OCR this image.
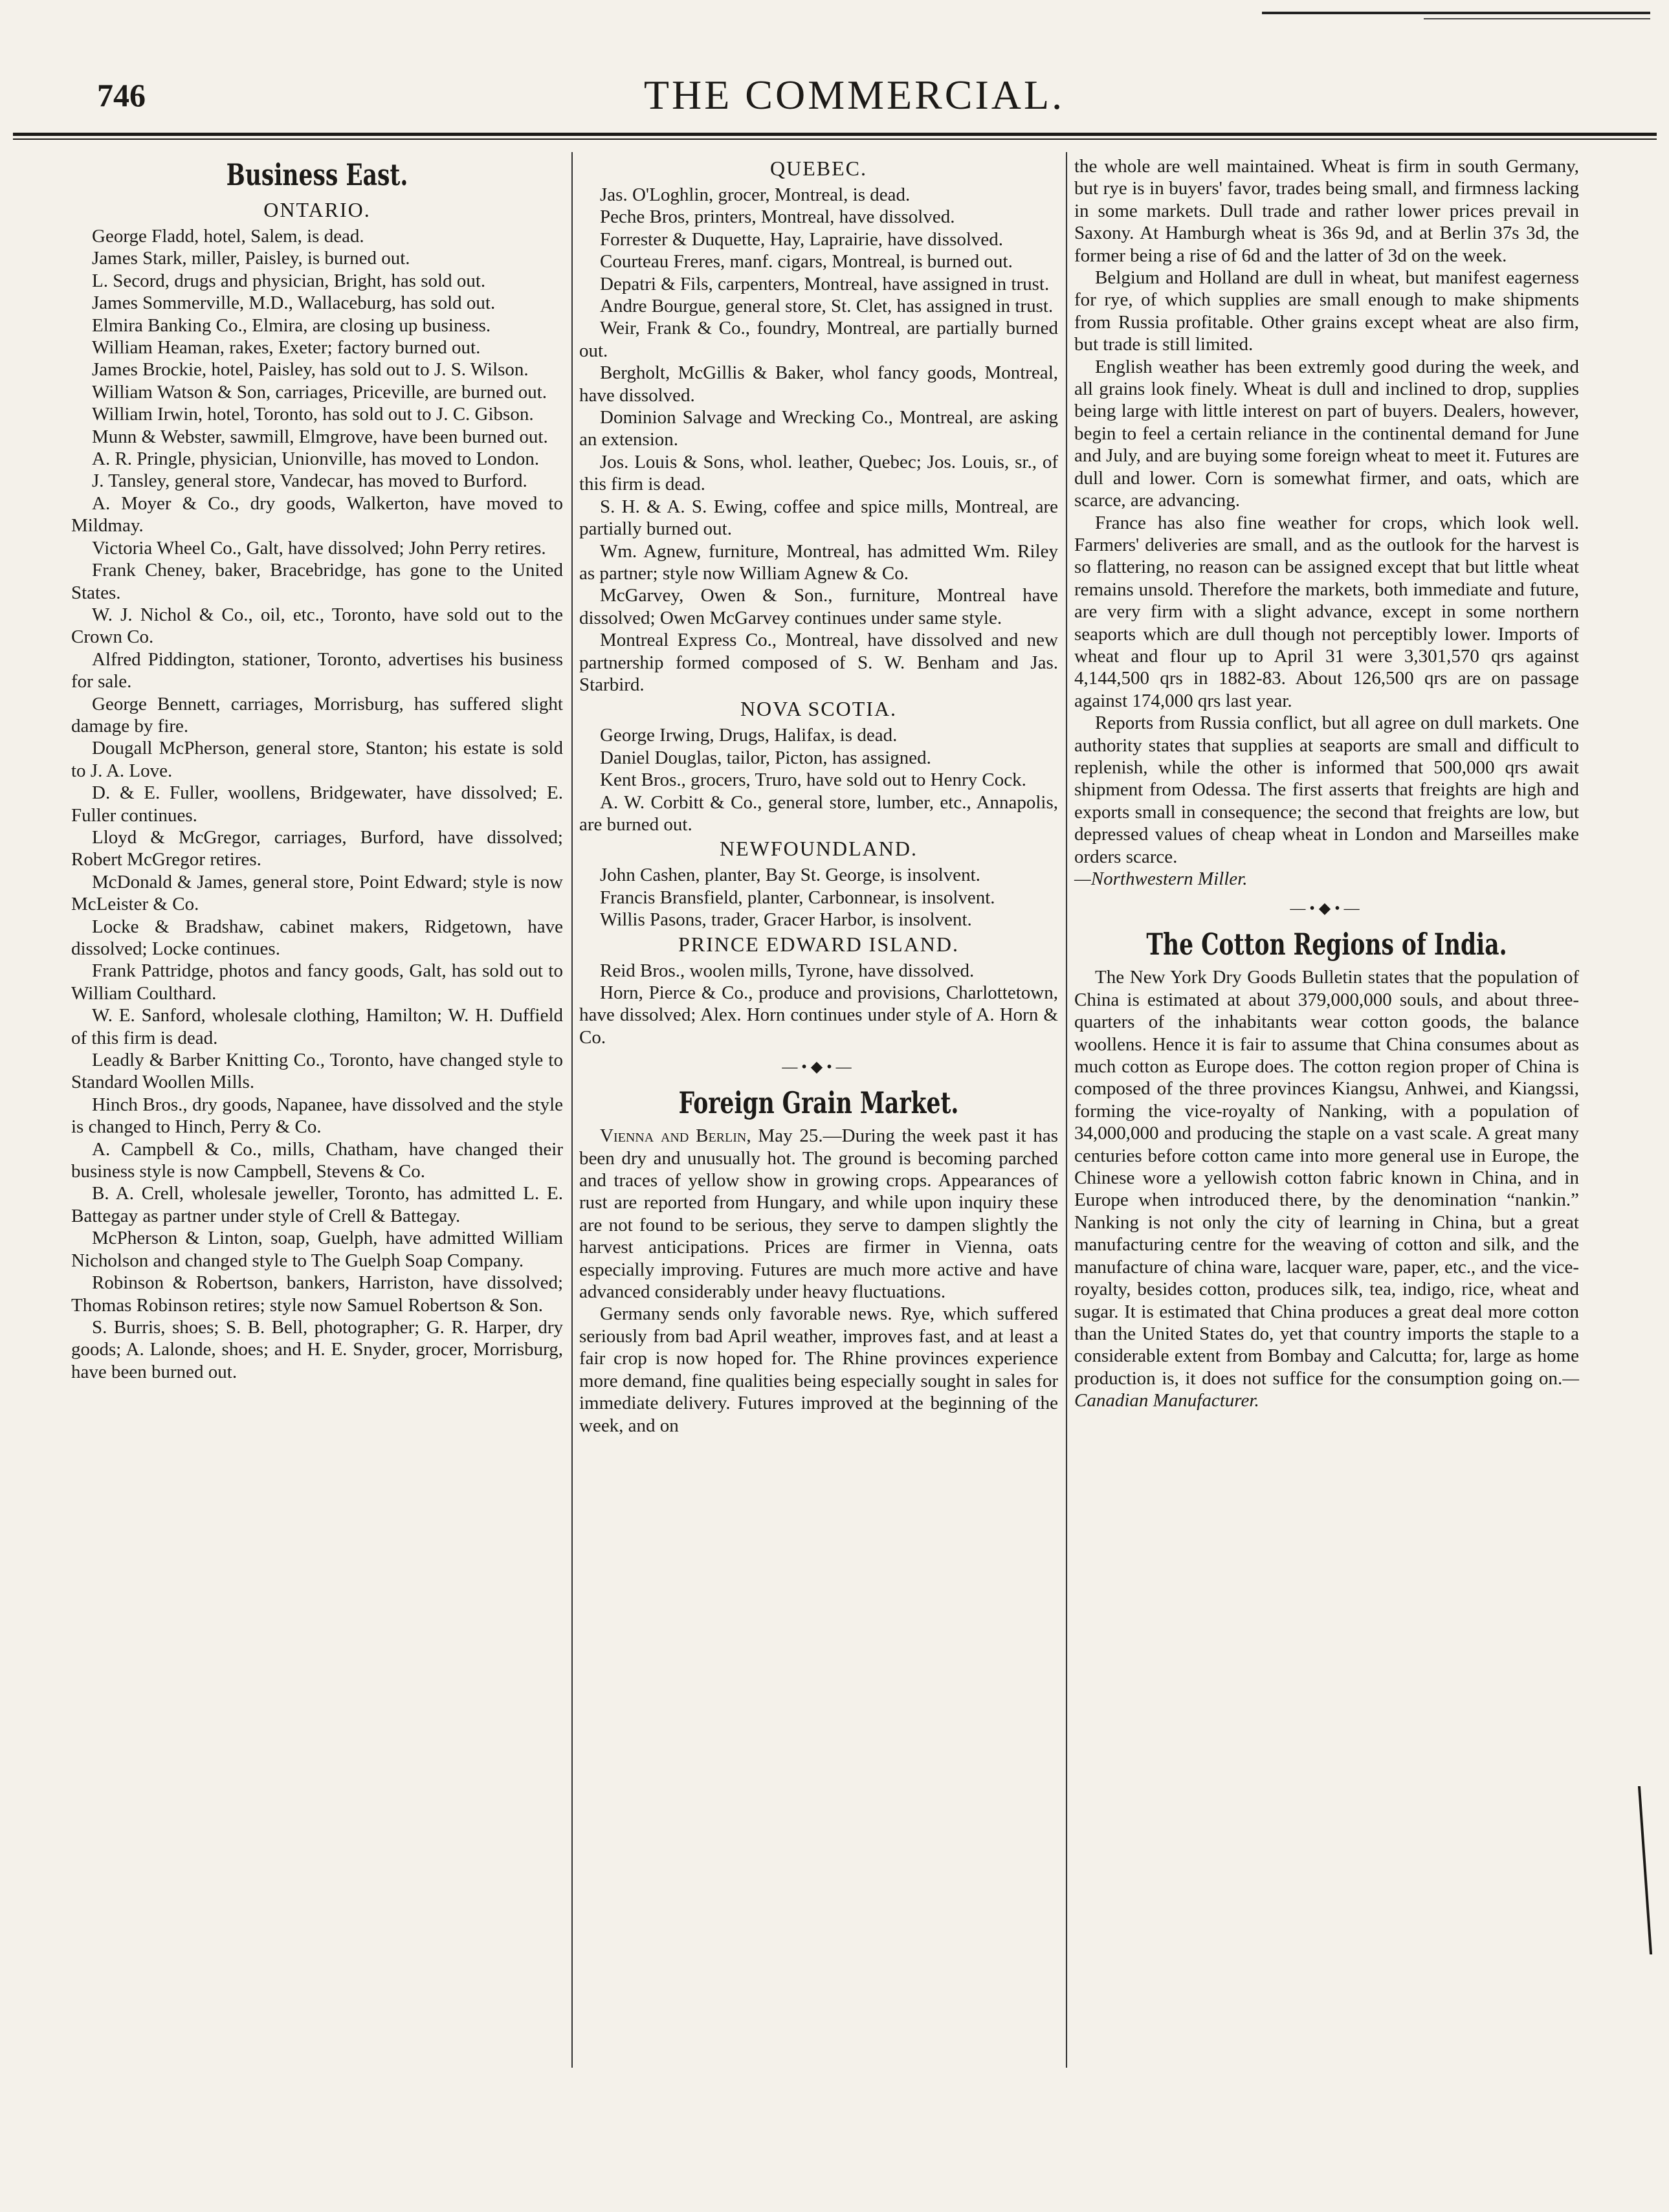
746	THE COMMERCIAL.
Business East.
ONTARIO.

George Fladd, hotel, Salem, is dead.

James Stark, miller, Paisley, is burned out.

L. Secord, drugs and physician, Bright, has sold out.

James Sommerville, M.D., Wallaceburg, has sold out.

Elmira Banking Co., Elmira, are closing up business.

William Heaman, rakes, Exeter; factory burned out.

James Brockie, hotel, Paisley, has sold out to J. S. Wilson.

William Watson & Son, carriages, Priceville, are burned out.

William Irwin, hotel, Toronto, has sold out to J. C. Gibson.

Munn & Webster, sawmill, Elmgrove, have been burned out.

A. R. Pringle, physician, Unionville, has moved to London.

J. Tansley, general store, Vandecar, has moved to Burford.

A. Moyer & Co., dry goods, Walkerton, have moved to Mildmay.

Victoria Wheel Co., Galt, have dissolved; John Perry retires.

Frank Cheney, baker, Bracebridge, has gone to the United States.

W. J. Nichol & Co., oil, etc., Toronto, have sold out to the Crown Co.

Alfred Piddington, stationer, Toronto, advertises his business for sale.

George Bennett, carriages, Morrisburg, has suffered slight damage by fire.

Dougall McPherson, general store, Stanton; his estate is sold to J. A. Love.

D. & E. Fuller, woollens, Bridgewater, have dissolved; E. Fuller continues.

Lloyd & McGregor, carriages, Burford, have dissolved; Robert McGregor retires.

McDonald & James, general store, Point Edward; style is now McLeister & Co.

Locke & Bradshaw, cabinet makers, Ridgetown, have dissolved; Locke continues.

Frank Pattridge, photos and fancy goods, Galt, has sold out to William Coulthard.

W. E. Sanford, wholesale clothing, Hamilton; W. H. Duffield of this firm is dead.

Leadly & Barber Knitting Co., Toronto, have changed style to Standard Woollen Mills.

Hinch Bros., dry goods, Napanee, have dissolved and the style is changed to Hinch, Perry & Co.

A. Campbell & Co., mills, Chatham, have changed their business style is now Campbell, Stevens & Co.

B. A. Crell, wholesale jeweller, Toronto, has admitted L. E. Battegay as partner under style of Crell & Battegay.

McPherson & Linton, soap, Guelph, have admitted William Nicholson and changed style to The Guelph Soap Company.

Robinson & Robertson, bankers, Harriston, have dissolved; Thomas Robinson retires; style now Samuel Robertson & Son.

S. Burris, shoes; S. B. Bell, photographer; G. R. Harper, dry goods; A. Lalonde, shoes; and H. E. Snyder, grocer, Morrisburg, have been burned out.

QUEBEC.

Jas. O'Loghlin, grocer, Montreal, is dead.

Peche Bros, printers, Montreal, have dissolved.

Forrester & Duquette, Hay, Laprairie, have dissolved.

Courteau Freres, manf. cigars, Montreal, is burned out.

Depatri & Fils, carpenters, Montreal, have assigned in trust.

Andre Bourgue, general store, St. Clet, has assigned in trust.

Weir, Frank & Co., foundry, Montreal, are partially burned out.

Bergholt, McGillis & Baker, whol fancy goods, Montreal, have dissolved.

Dominion Salvage and Wrecking Co., Montreal, are asking an extension.

Jos. Louis & Sons, whol. leather, Quebec; Jos. Louis, sr., of this firm is dead.

S. H. & A. S. Ewing, coffee and spice mills, Montreal, are partially burned out.

Wm. Agnew, furniture, Montreal, has admitted Wm. Riley as partner; style now William Agnew & Co.

McGarvey, Owen & Son., furniture, Montreal have dissolved; Owen McGarvey continues under same style.

Montreal Express Co., Montreal, have dissolved and new partnership formed composed of S. W. Benham and Jas. Starbird.

NOVA SCOTIA.

George Irwing, Drugs, Halifax, is dead.

Daniel Douglas, tailor, Picton, has assigned.

Kent Bros., grocers, Truro, have sold out to Henry Cock.

A. W. Corbitt & Co., general store, lumber, etc., Annapolis, are burned out.

NEWFOUNDLAND.

John Cashen, planter, Bay St. George, is insolvent.

Francis Bransfield, planter, Carbonnear, is insolvent.

Willis Pasons, trader, Gracer Harbor, is insolvent.

PRINCE EDWARD ISLAND.

Reid Bros., woolen mills, Tyrone, have dissolved.

Horn, Pierce & Co., produce and provisions, Charlottetown, have dissolved; Alex. Horn continues under style of A. Horn & Co.

—•◆•—
Foreign Grain Market.

Vienna and Berlin, May 25.—During the week past it has been dry and unusually hot. The ground is becoming parched and traces of yellow show in growing crops. Appearances of rust are reported from Hungary, and while upon inquiry these are not found to be serious, they serve to dampen slightly the harvest anticipations. Prices are firmer in Vienna, oats especially improving. Futures are much more active and have advanced considerably under heavy fluctuations.

Germany sends only favorable news. Rye, which suffered seriously from bad April weather, improves fast, and at least a fair crop is now hoped for. The Rhine provinces experience more demand, fine qualities being especially sought in sales for immediate delivery. Futures improved at the beginning of the week, and on

the whole are well maintained. Wheat is firm in south Germany, but rye is in buyers' favor, trades being small, and firmness lacking in some markets. Dull trade and rather lower prices prevail in Saxony. At Hamburgh wheat is 36s 9d, and at Berlin 37s 3d, the former being a rise of 6d and the latter of 3d on the week.

Belgium and Holland are dull in wheat, but manifest eagerness for rye, of which supplies are small enough to make shipments from Russia profitable. Other grains except wheat are also firm, but trade is still limited.

English weather has been extremly good during the week, and all grains look finely. Wheat is dull and inclined to drop, supplies being large with little interest on part of buyers. Dealers, however, begin to feel a certain reliance in the continental demand for June and July, and are buying some foreign wheat to meet it. Futures are dull and lower. Corn is somewhat firmer, and oats, which are scarce, are advancing.

France has also fine weather for crops, which look well. Farmers' deliveries are small, and as the outlook for the harvest is so flattering, no reason can be assigned except that but little wheat remains unsold. Therefore the markets, both immediate and future, are very firm with a slight advance, except in some northern seaports which are dull though not perceptibly lower. Imports of wheat and flour up to April 31 were 3,301,570 qrs against 4,144,500 qrs in 1882-83. About 126,500 qrs are on passage against 174,000 qrs last year.

Reports from Russia conflict, but all agree on dull markets. One authority states that supplies at seaports are small and difficult to replenish, while the other is informed that 500,000 qrs await shipment from Odessa. The first asserts that freights are high and exports small in consequence; the second that freights are low, but depressed values of cheap wheat in London and Marseilles make orders scarce.
—Northwestern Miller.

—•◆•—
The Cotton Regions of India.

The New York Dry Goods Bulletin states that the population of China is estimated at about 379,000,000 souls, and about three-quarters of the inhabitants wear cotton goods, the balance woollens. Hence it is fair to assume that China consumes about as much cotton as Europe does. The cotton region proper of China is composed of the three provinces Kiangsu, Anhwei, and Kiangssi, forming the vice-royalty of Nanking, with a population of 34,000,000 and producing the staple on a vast scale. A great many centuries before cotton came into more general use in Europe, the Chinese wore a yellowish cotton fabric known in China, and in Europe when introduced there, by the denomination “nankin.” Nanking is not only the city of learning in China, but a great manufacturing centre for the weaving of cotton and silk, and the manufacture of china ware, lacquer ware, paper, etc., and the vice-royalty, besides cotton, produces silk, tea, indigo, rice, wheat and sugar. It is estimated that China produces a great deal more cotton than the United States do, yet that country imports the staple to a considerable extent from Bombay and Calcutta; for, large as home production is, it does not suffice for the consumption going on.—Canadian Manufacturer.
